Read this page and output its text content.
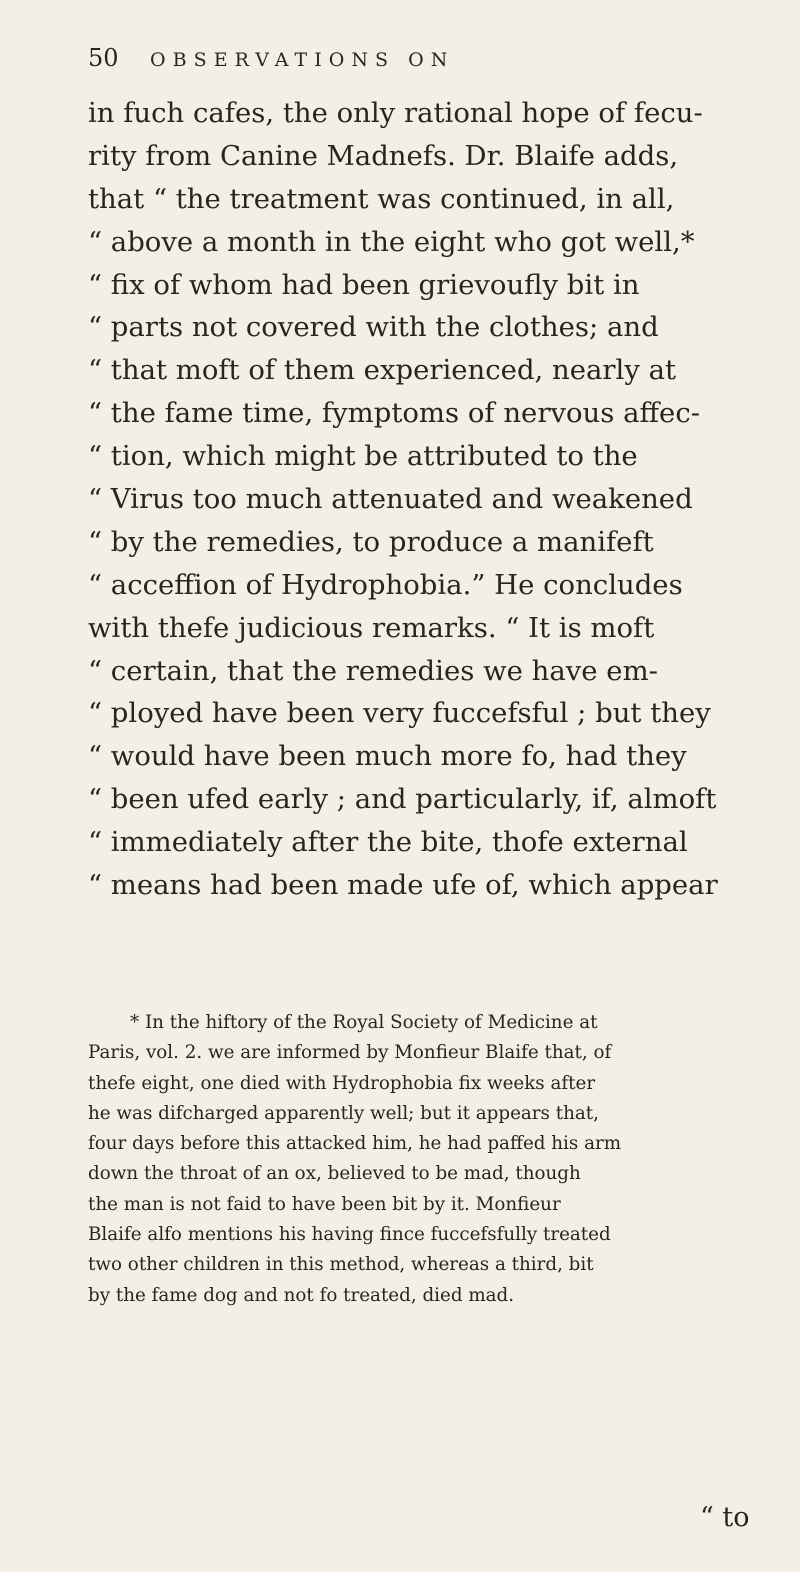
50 OBSERVATIONS ON
in fuch cafes, the only rational hope of fecu-
rity from Canine Madnefs. Dr. Blaife adds,
that “ the treatment was continued, in all,
“ above a month in the eight who got well,*
“ fix of whom had been grievoufly bit in
“ parts not covered with the clothes; and
“ that moft of them experienced, nearly at
“ the fame time, fymptoms of nervous affec-
“ tion, which might be attributed to the
“ Virus too much attenuated and weakened
“ by the remedies, to produce a manifeft
“ acceffion of Hydrophobia.” He concludes
with thefe judicious remarks. “ It is moft
“ certain, that the remedies we have em-
“ ployed have been very fuccefsful ; but they
“ would have been much more fo, had they
“ been ufed early ; and particularly, if, almoft
“ immediately after the bite, thofe external
“ means had been made ufe of, which appear
* In the hiftory of the Royal Society of Medicine at
Paris, vol. 2. we are informed by Monfieur Blaife that, of
thefe eight, one died with Hydrophobia fix weeks after
he was difcharged apparently well; but it appears that,
four days before this attacked him, he had paffed his arm
down the throat of an ox, believed to be mad, though
the man is not faid to have been bit by it. Monfieur
Blaife alfo mentions his having fince fuccefsfully treated
two other children in this method, whereas a third, bit
by the fame dog and not fo treated, died mad.
“ to
